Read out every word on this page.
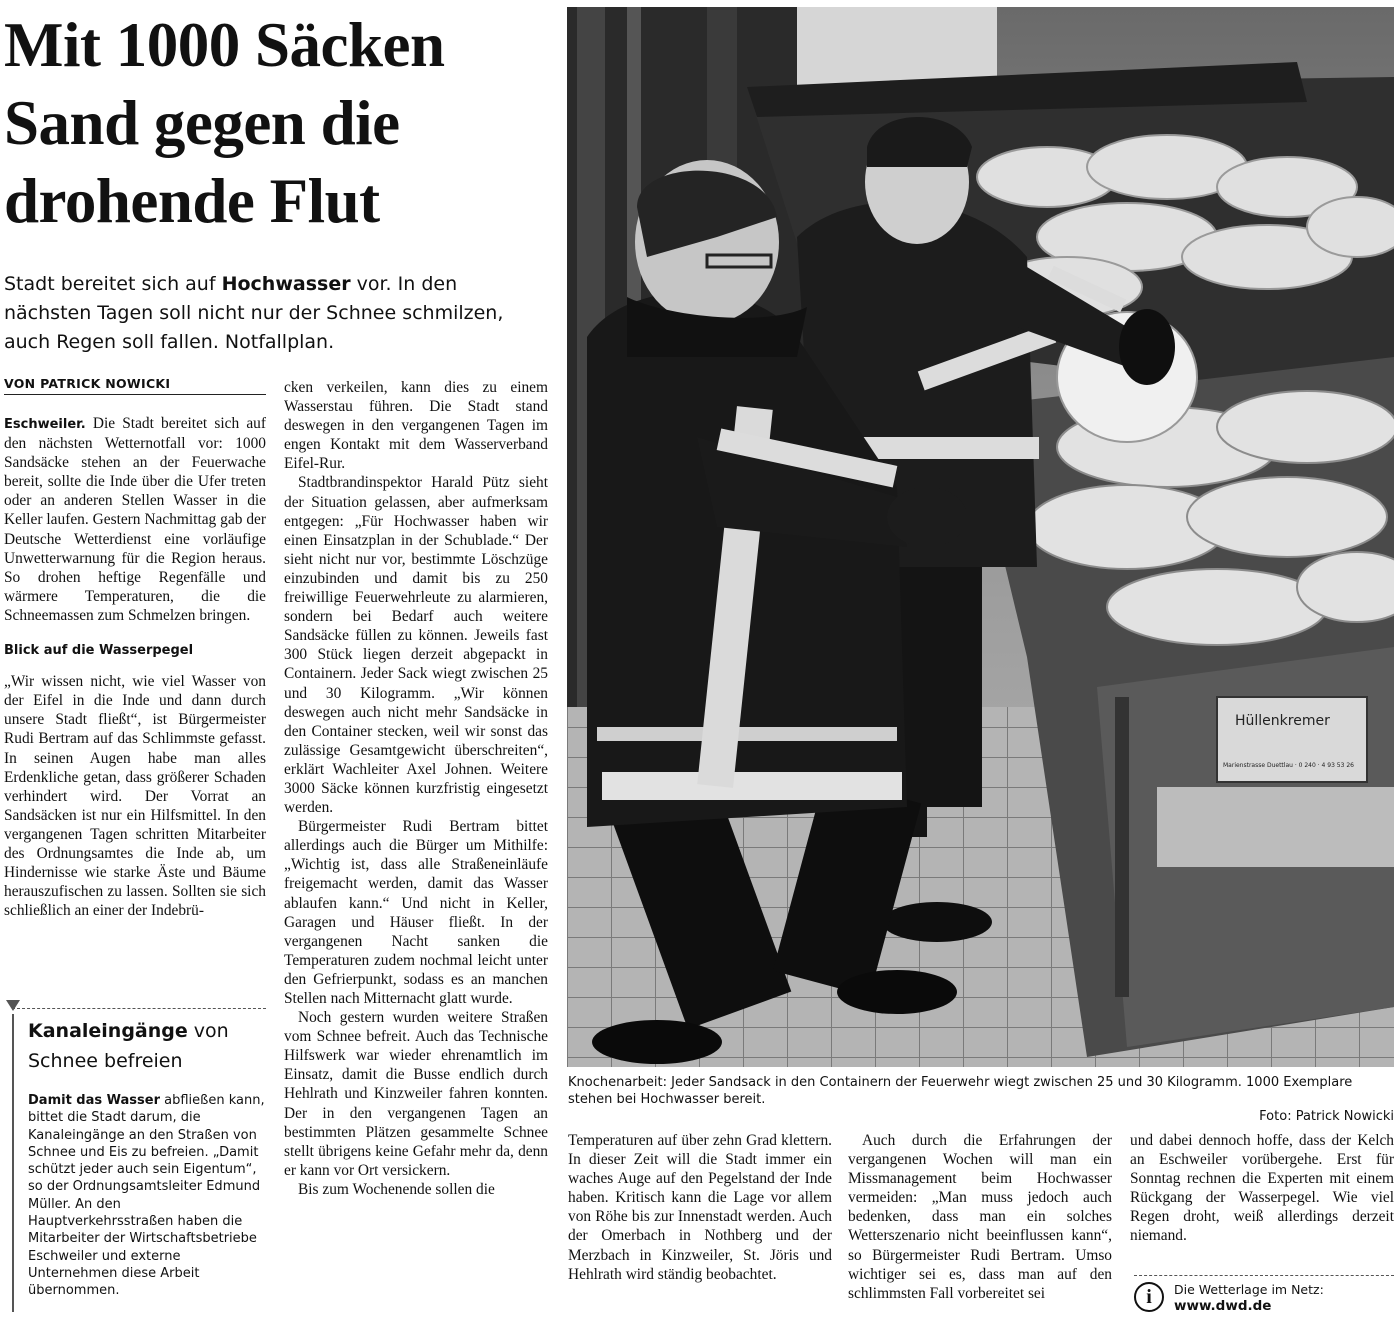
Mit 1000 Säcken Sand gegen die drohende Flut

Stadt bereitet sich auf Hochwasser vor. In den nächsten Tagen soll nicht nur der Schnee schmilzen, auch Regen soll fallen. Notfallplan.

VON PATRICK NOWICKI

Eschweiler. Die Stadt bereitet sich auf den nächsten Wetternotfall vor: 1000 Sandsäcke stehen an der Feuerwache bereit, sollte die Inde über die Ufer treten oder an anderen Stellen Wasser in die Keller laufen. Gestern Nachmittag gab der Deutsche Wetterdienst eine vorläufige Unwetterwarnung für die Region heraus. So drohen heftige Regenfälle und wärmere Temperaturen, die die Schneemassen zum Schmelzen bringen.

Blick auf die Wasserpegel

„Wir wissen nicht, wie viel Wasser von der Eifel in die Inde und dann durch unsere Stadt fließt“, ist Bürgermeister Rudi Bertram auf das Schlimmste gefasst. In seinen Augen habe man alles Erdenkliche getan, dass größerer Schaden verhindert wird. Der Vorrat an Sandsäcken ist nur ein Hilfsmittel. In den vergangenen Tagen schritten Mitarbeiter des Ordnungsamtes die Inde ab, um Hindernisse wie starke Äste und Bäume herauszufischen zu lassen. Sollten sie sich schließlich an einer der Indebrü-

cken verkeilen, kann dies zu einem Wasserstau führen. Die Stadt stand deswegen in den vergangenen Tagen im engen Kontakt mit dem Wasserverband Eifel-Rur.

Stadtbrandinspektor Harald Pütz sieht der Situation gelassen, aber aufmerksam entgegen: „Für Hochwasser haben wir einen Einsatzplan in der Schublade.“ Der sieht nicht nur vor, bestimmte Löschzüge einzubinden und damit bis zu 250 freiwillige Feuerwehrleute zu alarmieren, sondern bei Bedarf auch weitere Sandsäcke füllen zu können. Jeweils fast 300 Stück liegen derzeit abgepackt in Containern. Jeder Sack wiegt zwischen 25 und 30 Kilogramm. „Wir können deswegen auch nicht mehr Sandsäcke in den Container stecken, weil wir sonst das zulässige Gesamtgewicht überschreiten“, erklärt Wachleiter Axel Johnen. Weitere 3000 Säcke können kurzfristig eingesetzt werden.

Bürgermeister Rudi Bertram bittet allerdings auch die Bürger um Mithilfe: „Wichtig ist, dass alle Straßeneinläufe freigemacht werden, damit das Wasser ablaufen kann.“ Und nicht in Keller, Garagen und Häuser fließt. In der vergangenen Nacht sanken die Temperaturen zudem nochmal leicht unter den Gefrierpunkt, sodass es an manchen Stellen nach Mitternacht glatt wurde.

Noch gestern wurden weitere Straßen vom Schnee befreit. Auch das Technische Hilfswerk war wieder ehrenamtlich im Einsatz, damit die Busse endlich durch Hehlrath und Kinzweiler fahren konnten. Der in den vergangenen Tagen an bestimmten Plätzen gesammelte Schnee stellt übrigens keine Gefahr mehr da, denn er kann vor Ort versickern.

Bis zum Wochenende sollen die

Hüllenkremer
Marienstrasse Duettlau · 0 240 · 4 93 53 26
Knochenarbeit: Jeder Sandsack in den Containern der Feuerwehr wiegt zwischen 25 und 30 Kilogramm. 1000 Exemplare stehen bei Hochwasser bereit.
Foto: Patrick Nowicki

Kanaleingänge von Schnee befreien

Damit das Wasser abfließen kann, bittet die Stadt darum, die Kanaleingänge an den Straßen von Schnee und Eis zu befreien. „Damit schützt jeder auch sein Eigentum“, so der Ordnungsamtsleiter Edmund Müller. An den Hauptverkehrsstraßen haben die Mitarbeiter der Wirtschaftsbetriebe Eschweiler und externe Unternehmen diese Arbeit übernommen.

Temperaturen auf über zehn Grad klettern. In dieser Zeit will die Stadt immer ein waches Auge auf den Pegelstand der Inde haben. Kritisch kann die Lage vor allem von Röhe bis zur Innenstadt werden. Auch der Omerbach in Nothberg und der Merzbach in Kinzweiler, St. Jöris und Hehlrath wird ständig beobachtet.

Auch durch die Erfahrungen der vergangenen Wochen will man ein Missmanagement beim Hochwasser vermeiden: „Man muss jedoch auch bedenken, dass man ein solches Wetterszenario nicht beeinflussen kann“, so Bürgermeister Rudi Bertram. Umso wichtiger sei es, dass man auf den schlimmsten Fall vorbereitet sei

und dabei dennoch hoffe, dass der Kelch an Eschweiler vorübergehe. Erst für Sonntag rechnen die Experten mit einem Rückgang der Wasserpegel. Wie viel Regen droht, weiß allerdings derzeit niemand.

i	Die Wetterlage im Netz:
www.dwd.de
